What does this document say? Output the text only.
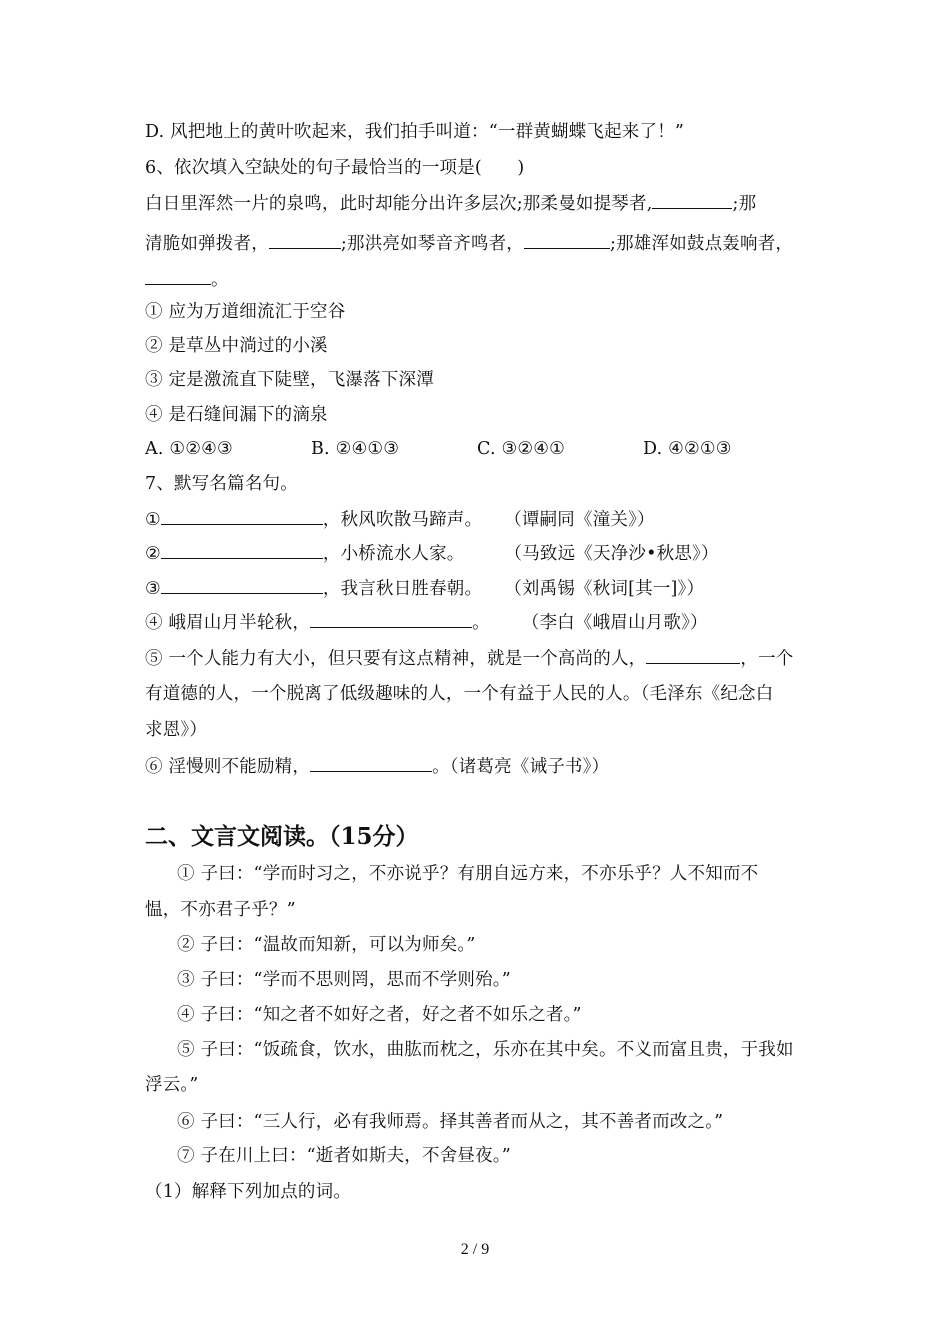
D. 风把地上的黄叶吹起来，我们拍手叫道：“一群黄蝴蝶飞起来了！”
6、依次填入空缺处的句子最恰当的一项是(　　)
白日里浑然一片的泉鸣，此时却能分出许多层次;那柔曼如提琴者,	;那
清脆如弹拨者，	;那洪亮如琴音齐鸣者，	;那雄浑如鼓点轰响者，
。
① 应为万道细流汇于空谷
② 是草丛中淌过的小溪
③ 定是激流直下陡壁，飞瀑落下深潭
④ 是石缝间漏下的滴泉
A. ①②④③	B. ②④①③	C. ③②④①	D. ④②①③
7、默写名篇名句。
①	，秋风吹散马蹄声。 （谭嗣同《潼关》）
②	，小桥流水人家。 （马致远《天净沙•秋思》）
③	，我言秋日胜春朝。 （刘禹锡《秋词[其一]》）
④ 峨眉山月半轮秋，	。 （李白《峨眉山月歌》）
⑤ 一个人能力有大小，但只要有这点精神，就是一个高尚的人，	，一个
有道德的人，一个脱离了低级趣味的人，一个有益于人民的人。（毛泽东《纪念白
求恩》）
⑥ 淫慢则不能励精，	。（诸葛亮《诫子书》）
二、文言文阅读。（15分）
① 子曰：“学而时习之，不亦说乎？有朋自远方来，不亦乐乎？人不知而不
愠，不亦君子乎？”
② 子曰：“温故而知新，可以为师矣。”
③ 子曰：“学而不思则罔，思而不学则殆。”
④ 子曰：“知之者不如好之者，好之者不如乐之者。”
⑤ 子曰：“饭疏食，饮水，曲肱而枕之，乐亦在其中矣。不义而富且贵，于我如
浮云。”
⑥ 子曰：“三人行，必有我师焉。择其善者而从之，其不善者而改之。”
⑦ 子在川上曰：“逝者如斯夫，不舍昼夜。”
（1）解释下列加点的词。
2 / 9
